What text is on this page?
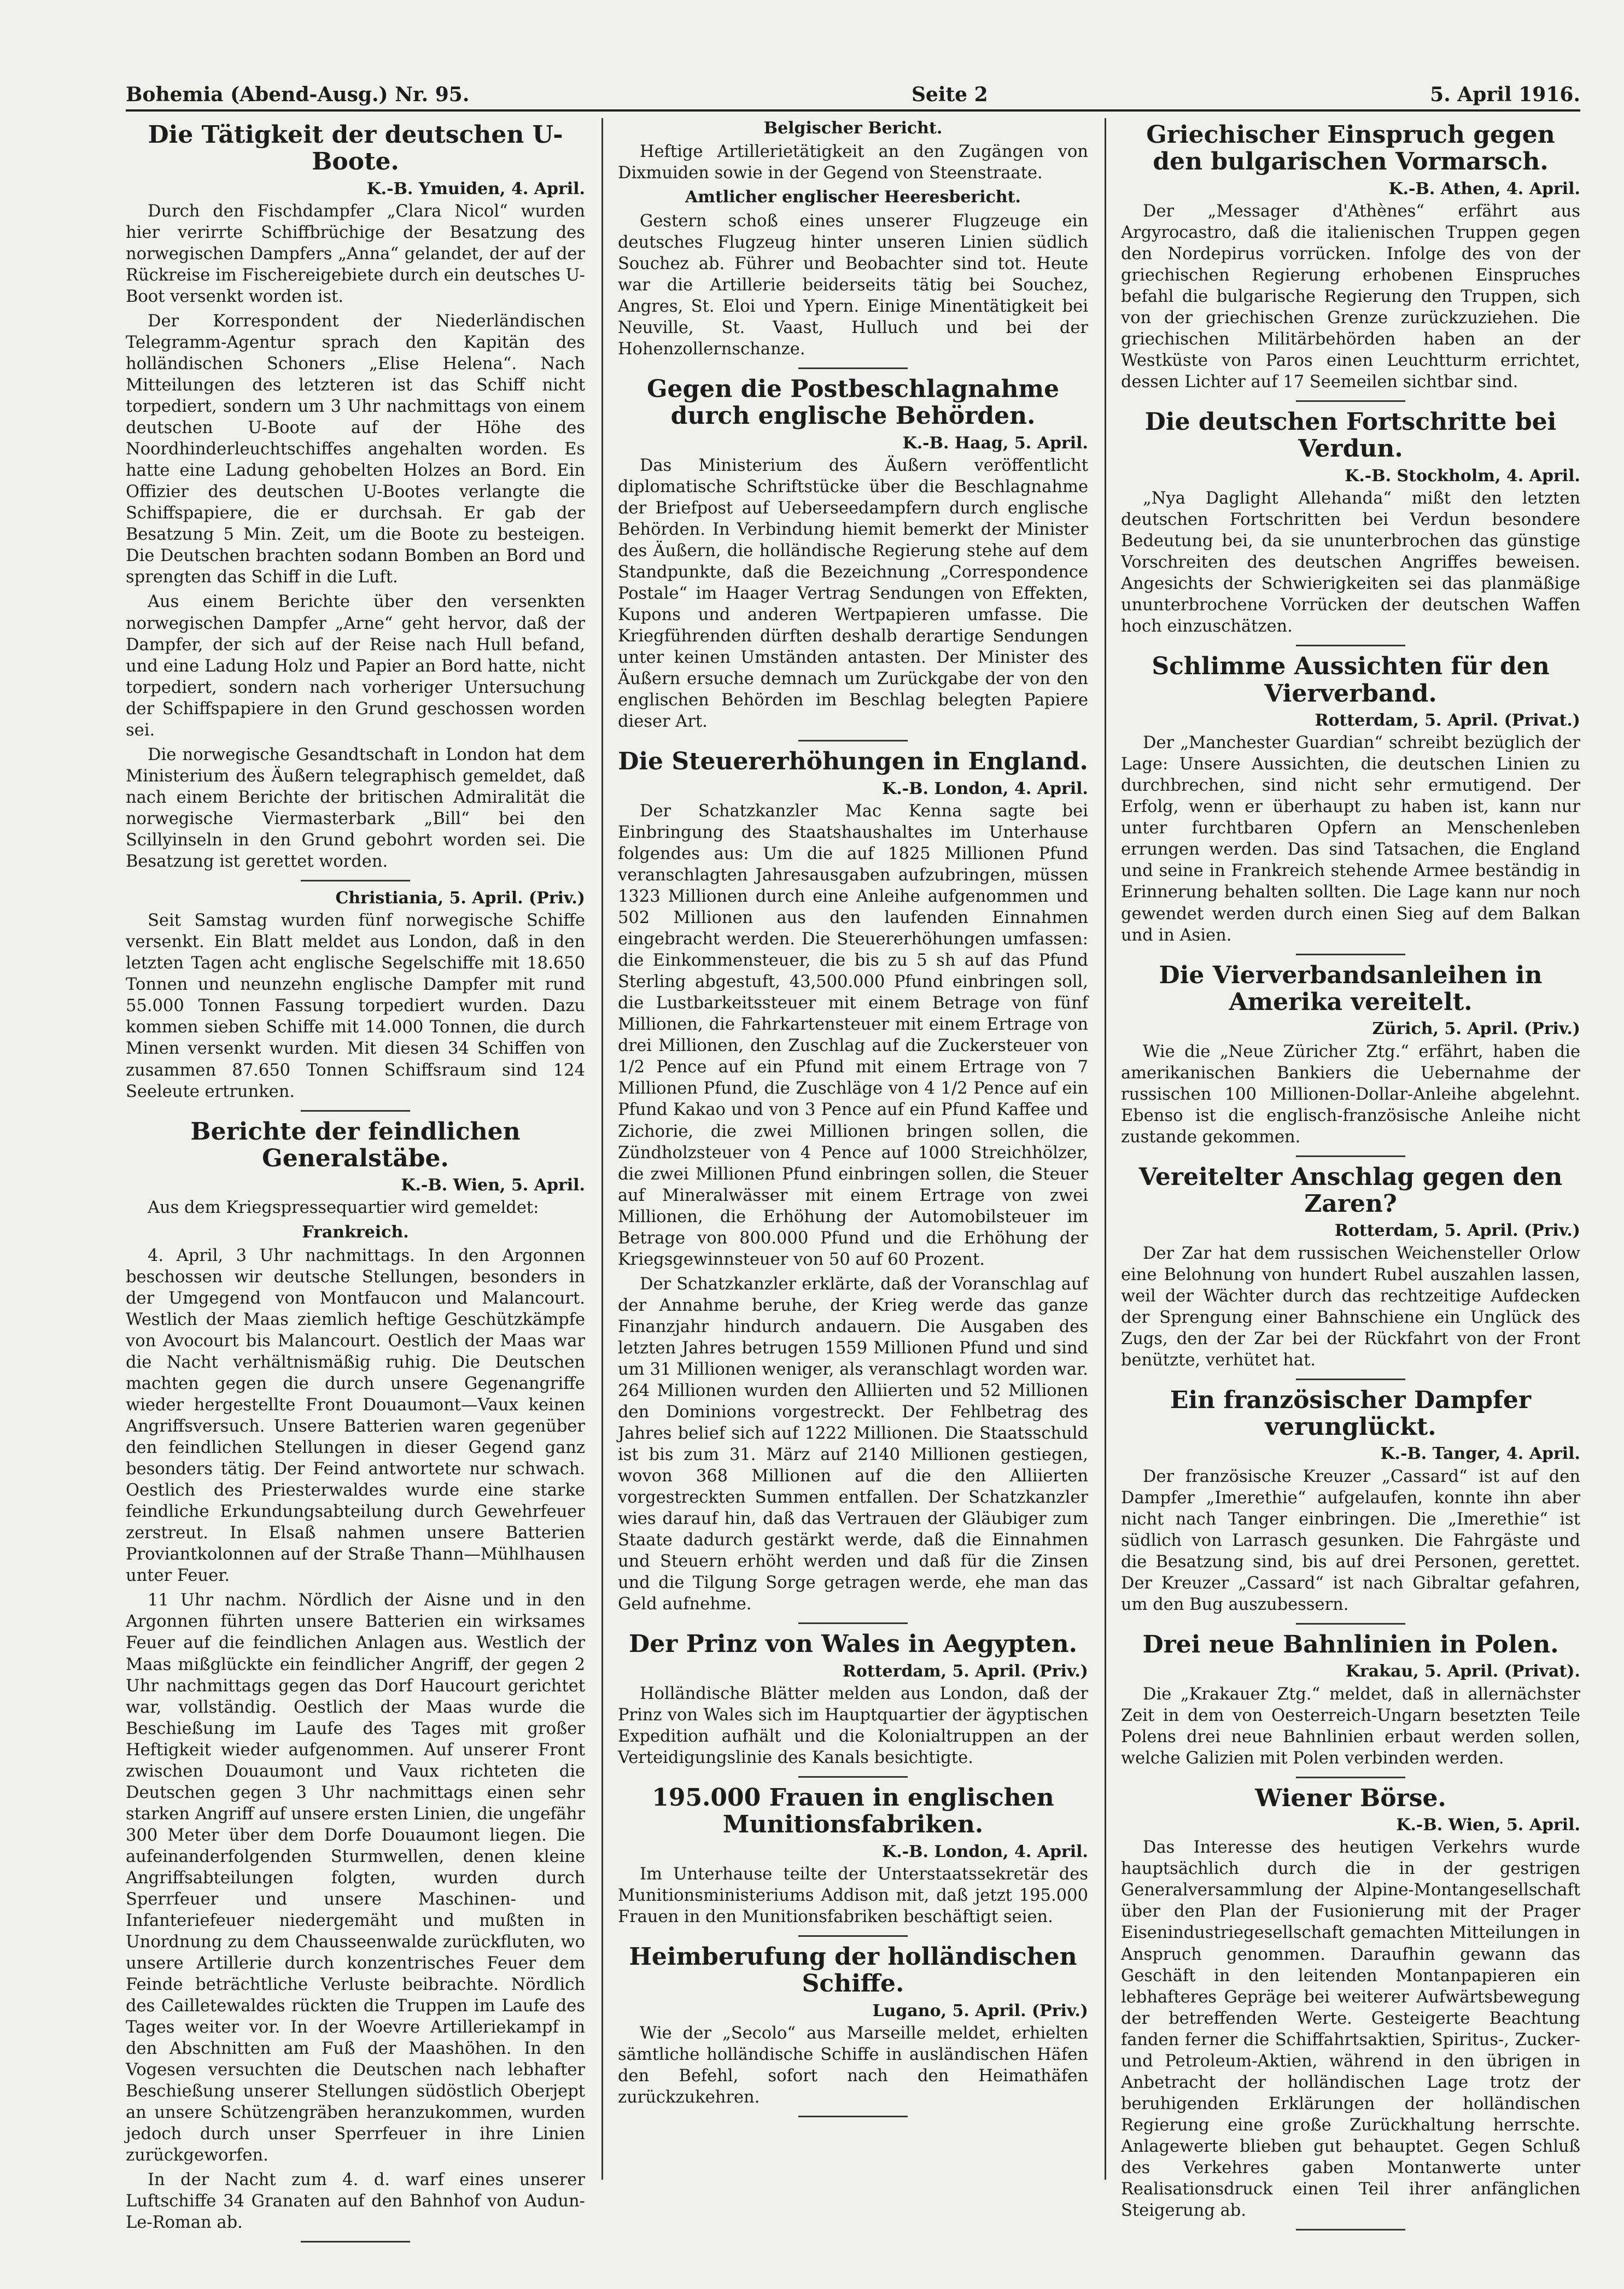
Bohemia (Abend-Ausg.) Nr. 95.	Seite 2	5. April 1916.
Die Tätigkeit der deutschen U-Boote.
K.-B. Ymuiden, 4. April.

Durch den Fischdampfer „Clara Nicol“ wurden hier verirrte Schiffbrüchige der Besatzung des norwegischen Dampfers „Anna“ gelandet, der auf der Rückreise im Fischereigebiete durch ein deutsches U-Boot versenkt worden ist.

Der Korrespondent der Niederländischen Telegramm-Agentur sprach den Kapitän des holländischen Schoners „Elise Helena“. Nach Mitteilungen des letzteren ist das Schiff nicht torpediert, sondern um 3 Uhr nachmittags von einem deutschen U-Boote auf der Höhe des Noordhinderleuchtschiffes angehalten worden. Es hatte eine Ladung gehobelten Holzes an Bord. Ein Offizier des deutschen U-Bootes verlangte die Schiffspapiere, die er durchsah. Er gab der Besatzung 5 Min. Zeit, um die Boote zu besteigen. Die Deutschen brachten sodann Bomben an Bord und sprengten das Schiff in die Luft.

Aus einem Berichte über den versenkten norwegischen Dampfer „Arne“ geht hervor, daß der Dampfer, der sich auf der Reise nach Hull befand, und eine Ladung Holz und Papier an Bord hatte, nicht torpediert, sondern nach vorheriger Untersuchung der Schiffspapiere in den Grund geschossen worden sei.

Die norwegische Gesandtschaft in London hat dem Ministerium des Äußern telegraphisch gemeldet, daß nach einem Berichte der britischen Admiralität die norwegische Viermasterbark „Bill“ bei den Scillyinseln in den Grund gebohrt worden sei. Die Besatzung ist gerettet worden.

Christiania, 5. April. (Priv.)

Seit Samstag wurden fünf norwegische Schiffe versenkt. Ein Blatt meldet aus London, daß in den letzten Tagen acht englische Segelschiffe mit 18.650 Tonnen und neunzehn englische Dampfer mit rund 55.000 Tonnen Fassung torpediert wurden. Dazu kommen sieben Schiffe mit 14.000 Tonnen, die durch Minen versenkt wurden. Mit diesen 34 Schiffen von zusammen 87.650 Tonnen Schiffsraum sind 124 Seeleute ertrunken.

Berichte der feindlichen Generalstäbe.
K.-B. Wien, 5. April.

Aus dem Kriegspressequartier wird gemeldet:

Frankreich.

4. April, 3 Uhr nachmittags. In den Argonnen beschossen wir deutsche Stellungen, besonders in der Umgegend von Montfaucon und Malancourt. Westlich der Maas ziemlich heftige Geschützkämpfe von Avocourt bis Malancourt. Oestlich der Maas war die Nacht verhältnismäßig ruhig. Die Deutschen machten gegen die durch unsere Gegenangriffe wieder hergestellte Front Douaumont—Vaux keinen Angriffsversuch. Unsere Batterien waren gegenüber den feindlichen Stellungen in dieser Gegend ganz besonders tätig. Der Feind antwortete nur schwach. Oestlich des Priesterwaldes wurde eine starke feindliche Erkundungsabteilung durch Gewehrfeuer zerstreut. In Elsaß nahmen unsere Batterien Proviantkolonnen auf der Straße Thann—Mühlhausen unter Feuer.

11 Uhr nachm. Nördlich der Aisne und in den Argonnen führten unsere Batterien ein wirksames Feuer auf die feindlichen Anlagen aus. Westlich der Maas mißglückte ein feindlicher Angriff, der gegen 2 Uhr nachmittags gegen das Dorf Haucourt gerichtet war, vollständig. Oestlich der Maas wurde die Beschießung im Laufe des Tages mit großer Heftigkeit wieder aufgenommen. Auf unserer Front zwischen Douaumont und Vaux richteten die Deutschen gegen 3 Uhr nachmittags einen sehr starken Angriff auf unsere ersten Linien, die ungefähr 300 Meter über dem Dorfe Douaumont liegen. Die aufeinanderfolgenden Sturmwellen, denen kleine Angriffsabteilungen folgten, wurden durch Sperrfeuer und unsere Maschinen- und Infanteriefeuer niedergemäht und mußten in Unordnung zu dem Chausseenwalde zurückfluten, wo unsere Artillerie durch konzentrisches Feuer dem Feinde beträchtliche Verluste beibrachte. Nördlich des Cailletewaldes rückten die Truppen im Laufe des Tages weiter vor. In der Woevre Artilleriekampf in den Abschnitten am Fuß der Maashöhen. In den Vogesen versuchten die Deutschen nach lebhafter Beschießung unserer Stellungen südöstlich Oberjept an unsere Schützengräben heranzukommen, wurden jedoch durch unser Sperrfeuer in ihre Linien zurückgeworfen.

In der Nacht zum 4. d. warf eines unserer Luftschiffe 34 Granaten auf den Bahnhof von Audun-Le-Roman ab.

Belgischer Bericht.

Heftige Artillerietätigkeit an den Zugängen von Dixmuiden sowie in der Gegend von Steenstraate.

Amtlicher englischer Heeresbericht.

Gestern schoß eines unserer Flugzeuge ein deutsches Flugzeug hinter unseren Linien südlich Souchez ab. Führer und Beobachter sind tot. Heute war die Artillerie beiderseits tätig bei Souchez, Angres, St. Eloi und Ypern. Einige Minentätigkeit bei Neuville, St. Vaast, Hulluch und bei der Hohenzollernschanze.

Gegen die Postbeschlagnahme durch englische Behörden.
K.-B. Haag, 5. April.

Das Ministerium des Äußern veröffentlicht diplomatische Schriftstücke über die Beschlagnahme der Briefpost auf Ueberseedampfern durch englische Behörden. In Verbindung hiemit bemerkt der Minister des Äußern, die holländische Regierung stehe auf dem Standpunkte, daß die Bezeichnung „Correspondence Postale“ im Haager Vertrag Sendungen von Effekten, Kupons und anderen Wertpapieren umfasse. Die Kriegführenden dürften deshalb derartige Sendungen unter keinen Umständen antasten. Der Minister des Äußern ersuche demnach um Zurückgabe der von den englischen Behörden im Beschlag belegten Papiere dieser Art.

Die Steuererhöhungen in England.
K.-B. London, 4. April.

Der Schatzkanzler Mac Kenna sagte bei Einbringung des Staatshaushaltes im Unterhause folgendes aus: Um die auf 1825 Millionen Pfund veranschlagten Jahresausgaben aufzubringen, müssen 1323 Millionen durch eine Anleihe aufgenommen und 502 Millionen aus den laufenden Einnahmen eingebracht werden. Die Steuererhöhungen umfassen: die Einkommensteuer, die bis zu 5 sh auf das Pfund Sterling abgestuft, 43,500.000 Pfund einbringen soll, die Lustbarkeitssteuer mit einem Betrage von fünf Millionen, die Fahrkartensteuer mit einem Ertrage von drei Millionen, den Zuschlag auf die Zuckersteuer von 1/2 Pence auf ein Pfund mit einem Ertrage von 7 Millionen Pfund, die Zuschläge von 4 1/2 Pence auf ein Pfund Kakao und von 3 Pence auf ein Pfund Kaffee und Zichorie, die zwei Millionen bringen sollen, die Zündholzsteuer von 4 Pence auf 1000 Streichhölzer, die zwei Millionen Pfund einbringen sollen, die Steuer auf Mineralwässer mit einem Ertrage von zwei Millionen, die Erhöhung der Automobilsteuer im Betrage von 800.000 Pfund und die Erhöhung der Kriegsgewinnsteuer von 50 auf 60 Prozent.

Der Schatzkanzler erklärte, daß der Voranschlag auf der Annahme beruhe, der Krieg werde das ganze Finanzjahr hindurch andauern. Die Ausgaben des letzten Jahres betrugen 1559 Millionen Pfund und sind um 31 Millionen weniger, als veranschlagt worden war. 264 Millionen wurden den Alliierten und 52 Millionen den Dominions vorgestreckt. Der Fehlbetrag des Jahres belief sich auf 1222 Millionen. Die Staatsschuld ist bis zum 31. März auf 2140 Millionen gestiegen, wovon 368 Millionen auf die den Alliierten vorgestreckten Summen entfallen. Der Schatzkanzler wies darauf hin, daß das Vertrauen der Gläubiger zum Staate dadurch gestärkt werde, daß die Einnahmen und Steuern erhöht werden und daß für die Zinsen und die Tilgung Sorge getragen werde, ehe man das Geld aufnehme.

Der Prinz von Wales in Aegypten.
Rotterdam, 5. April. (Priv.)

Holländische Blätter melden aus London, daß der Prinz von Wales sich im Hauptquartier der ägyptischen Expedition aufhält und die Kolonialtruppen an der Verteidigungslinie des Kanals besichtigte.

195.000 Frauen in englischen Munitionsfabriken.
K.-B. London, 4. April.

Im Unterhause teilte der Unterstaatssekretär des Munitionsministeriums Addison mit, daß jetzt 195.000 Frauen in den Munitionsfabriken beschäftigt seien.

Heimberufung der holländischen Schiffe.
Lugano, 5. April. (Priv.)

Wie der „Secolo“ aus Marseille meldet, erhielten sämtliche holländische Schiffe in ausländischen Häfen den Befehl, sofort nach den Heimathäfen zurückzukehren.

Griechischer Einspruch gegen den bulgarischen Vormarsch.
K.-B. Athen, 4. April.

Der „Messager d'Athènes“ erfährt aus Argyrocastro, daß die italienischen Truppen gegen den Nordepirus vorrücken. Infolge des von der griechischen Regierung erhobenen Einspruches befahl die bulgarische Regierung den Truppen, sich von der griechischen Grenze zurückzuziehen. Die griechischen Militärbehörden haben an der Westküste von Paros einen Leuchtturm errichtet, dessen Lichter auf 17 Seemeilen sichtbar sind.

Die deutschen Fortschritte bei Verdun.
K.-B. Stockholm, 4. April.

„Nya Daglight Allehanda“ mißt den letzten deutschen Fortschritten bei Verdun besondere Bedeutung bei, da sie ununterbrochen das günstige Vorschreiten des deutschen Angriffes beweisen. Angesichts der Schwierigkeiten sei das planmäßige ununterbrochene Vorrücken der deutschen Waffen hoch einzuschätzen.

Schlimme Aussichten für den Vierverband.
Rotterdam, 5. April. (Privat.)

Der „Manchester Guardian“ schreibt bezüglich der Lage: Unsere Aussichten, die deutschen Linien zu durchbrechen, sind nicht sehr ermutigend. Der Erfolg, wenn er überhaupt zu haben ist, kann nur unter furchtbaren Opfern an Menschenleben errungen werden. Das sind Tatsachen, die England und seine in Frankreich stehende Armee beständig in Erinnerung behalten sollten. Die Lage kann nur noch gewendet werden durch einen Sieg auf dem Balkan und in Asien.

Die Vierverbandsanleihen in Amerika vereitelt.
Zürich, 5. April. (Priv.)

Wie die „Neue Züricher Ztg.“ erfährt, haben die amerikanischen Bankiers die Uebernahme der russischen 100 Millionen-Dollar-Anleihe abgelehnt. Ebenso ist die englisch-französische Anleihe nicht zustande gekommen.

Vereitelter Anschlag gegen den Zaren?
Rotterdam, 5. April. (Priv.)

Der Zar hat dem russischen Weichensteller Orlow eine Belohnung von hundert Rubel auszahlen lassen, weil der Wächter durch das rechtzeitige Aufdecken der Sprengung einer Bahnschiene ein Unglück des Zugs, den der Zar bei der Rückfahrt von der Front benützte, verhütet hat.

Ein französischer Dampfer verunglückt.
K.-B. Tanger, 4. April.

Der französische Kreuzer „Cassard“ ist auf den Dampfer „Imerethie“ aufgelaufen, konnte ihn aber nicht nach Tanger einbringen. Die „Imerethie“ ist südlich von Larrasch gesunken. Die Fahrgäste und die Besatzung sind, bis auf drei Personen, gerettet. Der Kreuzer „Cassard“ ist nach Gibraltar gefahren, um den Bug auszubessern.

Drei neue Bahnlinien in Polen.
Krakau, 5. April. (Privat).

Die „Krakauer Ztg.“ meldet, daß in allernächster Zeit in dem von Oesterreich-Ungarn besetzten Teile Polens drei neue Bahnlinien erbaut werden sollen, welche Galizien mit Polen verbinden werden.

Wiener Börse.
K.-B. Wien, 5. April.

Das Interesse des heutigen Verkehrs wurde hauptsächlich durch die in der gestrigen Generalversammlung der Alpine-Montangesellschaft über den Plan der Fusionierung mit der Prager Eisenindustriegesellschaft gemachten Mitteilungen in Anspruch genommen. Daraufhin gewann das Geschäft in den leitenden Montanpapieren ein lebhafteres Gepräge bei weiterer Aufwärtsbewegung der betreffenden Werte. Gesteigerte Beachtung fanden ferner die Schiffahrtsaktien, Spiritus-, Zucker- und Petroleum-Aktien, während in den übrigen in Anbetracht der holländischen Lage trotz der beruhigenden Erklärungen der holländischen Regierung eine große Zurückhaltung herrschte. Anlagewerte blieben gut behauptet. Gegen Schluß des Verkehres gaben Montanwerte unter Realisationsdruck einen Teil ihrer anfänglichen Steigerung ab.
